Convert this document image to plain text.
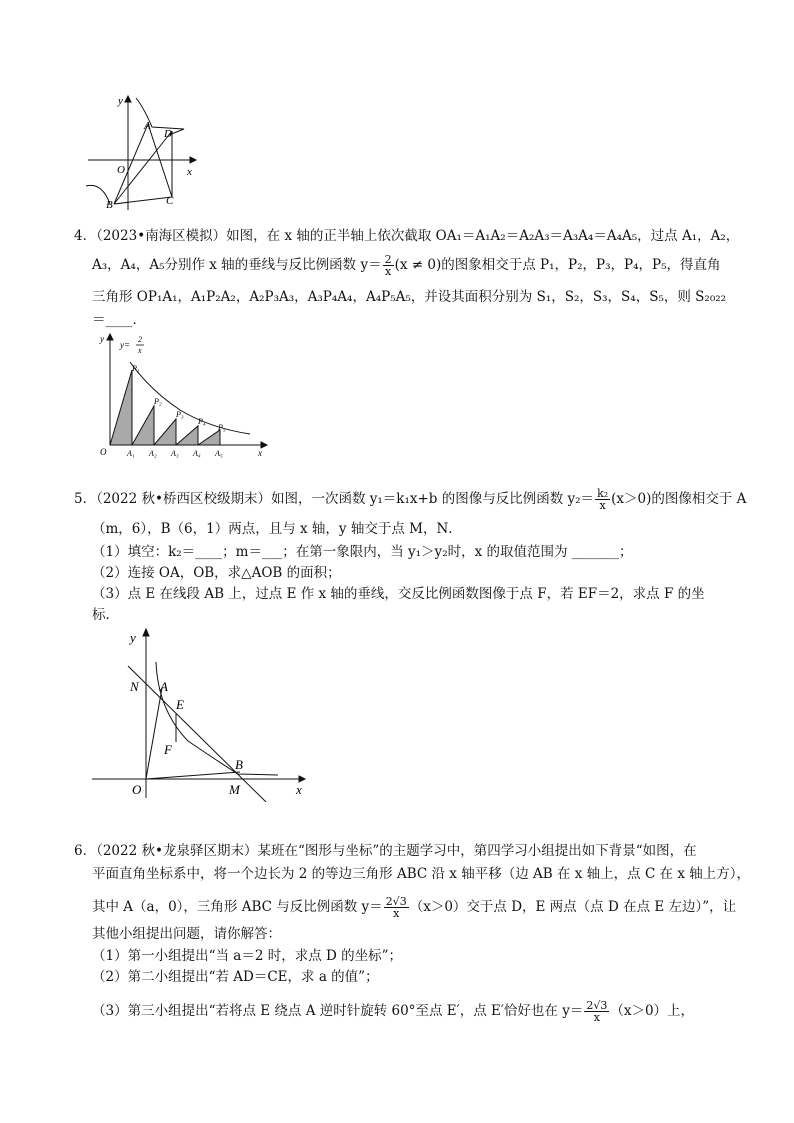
y
x
O
A
D
B	C
4．（2023•南海区模拟）如图，在 x 轴的正半轴上依次截取 OA₁＝A₁A₂＝A₂A₃＝A₃A₄＝A₄A₅，过点 A₁，A₂，
A₃，A₄，A₅分别作 x 轴的垂线与反比例函数 $y= \frac{2}{x} (x \ne 0)$的图象相交于点 P₁，P₂，P₃，P₄，P₅，得直角
三角形 OP₁A₁，A₁P₂A₂，A₂P₃A₃，A₃P₄A₄，A₄P₅A₅，并设其面积分别为 S₁，S₂，S₃，S₄，S₅，则 S₂₀₂₂
＝____．
y=
2
x
y
x
O	A₁ A₂ A₃ A₄ A₅
P₁
P₂
P₃
P₄
P₅
5．（2022 秋•桥西区校级期末）如图，一次函数 y₁＝k₁x+b 的图像与反比例函数 $y_2= \frac{\text{k₂}}{x} (x>0)$的图像相交于 A
（m，6），B（6，1）两点，且与 x 轴，y 轴交于点 M，N．
（1）填空：k₂＝____；m＝___；在第一象限内，当 y₁＞y₂时，x 的取值范围为 _______；
（2）连接 OA，OB，求△AOB 的面积；
（3）点 E 在线段 AB 上，过点 E 作 x 轴的垂线，交反比例函数图像于点 F，若 EF＝2，求点 F 的坐
标．
y
x
O
N A
E
F
B
M
6．（2022 秋•龙泉驿区期末）某班在“图形与坐标”的主题学习中，第四学习小组提出如下背景“如图，在
平面直角坐标系中，将一个边长为 2 的等边三角形 ABC 沿 x 轴平移（边 AB 在 x 轴上，点 C 在 x 轴上方），
其中 A（a，0），三角形 ABC 与反比例函数 $y= \frac{2√3}{x} (x>0)$交于点 D，E 两点（点 D 在点 E 左边）”，让
其他小组提出问题，请你解答：
（1）第一小组提出“当 a＝2 时，求点 D 的坐标”；
（2）第二小组提出“若 AD＝CE，求 a 的值”；
（3）第三小组提出“若将点 E 绕点 A 逆时针旋转 60°至点 E′，点 E′恰好也在 $y= \frac{2√3}{x} (x>0)$上，
